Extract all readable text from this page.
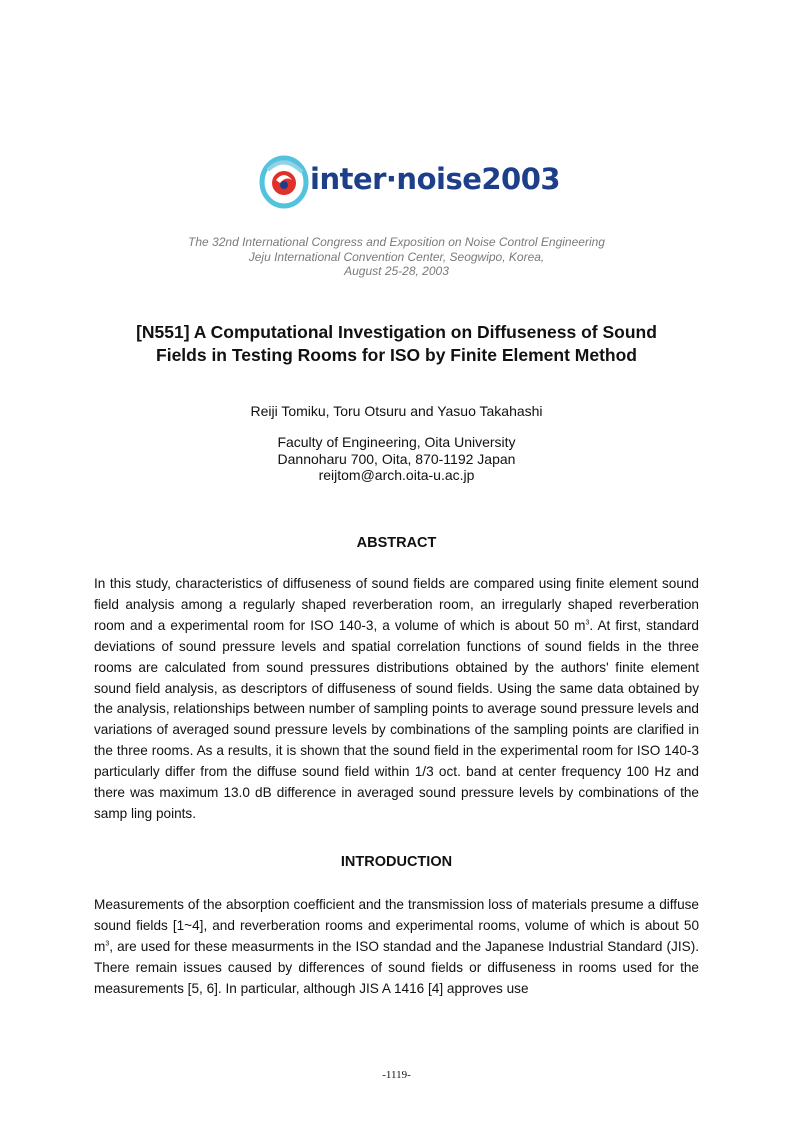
inter·noise2003
The 32nd International Congress and Exposition on Noise Control Engineering
Jeju International Convention Center, Seogwipo, Korea,
August 25-28, 2003
[N551] A Computational Investigation on Diffuseness of Sound
Fields in Testing Rooms for ISO by Finite Element Method
Reiji Tomiku, Toru Otsuru and Yasuo Takahashi
Faculty of Engineering, Oita University
Dannoharu 700, Oita, 870-1192 Japan
reijtom@arch.oita-u.ac.jp
ABSTRACT
In this study, characteristics of diffuseness of sound fields are compared using finite element sound field analysis among a regularly shaped reverberation room, an irregularly shaped reverberation room and a experimental room for ISO 140-3, a volume of which is about 50 $m^3$. At first, standard deviations of sound pressure levels and spatial correlation functions of sound fields in the three rooms are calculated from sound pressures distributions obtained by the authors' finite element sound field analysis, as descriptors of diffuseness of sound fields. Using the same data obtained by the analysis, relationships between number of sampling points to average sound pressure levels and variations of averaged sound pressure levels by combinations of the sampling points are clarified in the three rooms. As a results, it is shown that the sound field in the experimental room for ISO 140-3 particularly differ from the diffuse sound field within 1/3 oct. band at center frequency 100 Hz and there was maximum 13.0 dB difference in averaged sound pressure levels by combinations of the samp ling points.
INTRODUCTION
Measurements of the absorption coefficient and the transmission loss of materials presume a diffuse sound fields [1~4], and reverberation rooms and experimental rooms, volume of which is about 50 $m^3$, are used for these measurments in the ISO standad and the Japanese Industrial Standard (JIS). There remain issues caused by differences of sound fields or diffuseness in rooms used for the measurements [5, 6]. In particular, although JIS A 1416 [4] approves use
-1119-
